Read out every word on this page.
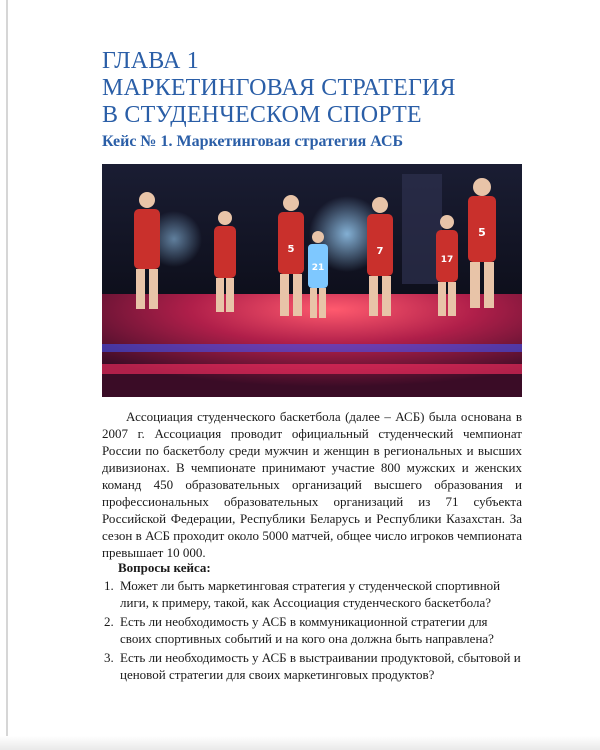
ГЛАВА 1
МАРКЕТИНГОВАЯ СТРАТЕГИЯ
В СТУДЕНЧЕСКОМ СПОРТЕ
Кейс № 1. Маркетинговая стратегия АСБ
5
21
7
17
5
Ассоциация студенческого баскетбола (далее – АСБ) была основана в 2007 г. Ассоциация проводит официальный студенческий чемпионат России по баскетболу среди мужчин и женщин в региональных и высших дивизионах. В чемпионате принимают участие 800 мужских и женских команд 450 образовательных организаций высшего образования и профессиональных образовательных организаций из 71 субъекта Российской Федерации, Республики Беларусь и Республики Казахстан. За сезон в АСБ проходит около 5000 матчей, общее число игроков чемпионата превышает 10 000.
Вопросы кейса:
1. Может ли быть маркетинговая стратегия у студенческой спортивной лиги, к примеру, такой, как Ассоциация студенческого баскетбола?
2. Есть ли необходимость у АСБ в коммуникационной стратегии для своих спортивных событий и на кого она должна быть направлена?
3. Есть ли необходимость у АСБ в выстраивании продуктовой, сбытовой и ценовой стратегии для своих маркетинговых продуктов?
